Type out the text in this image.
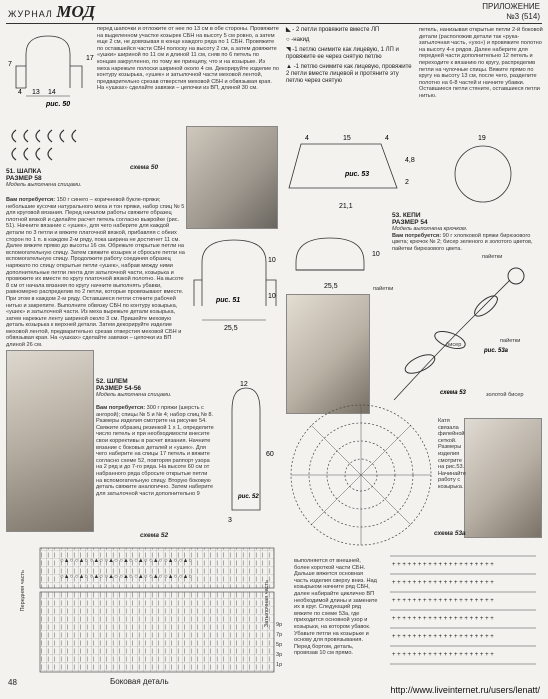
ЖУРНАЛ МОД	ПРИЛОЖЕНИЕ
№3 (514)
13 14
4
17
7
рис. 50
перед шапочки и отложите от нее по 13 см в обе стороны. Провяжите на выделенном участке козырек СБН на высоту 5 см ровно, а затем еще 2 см, не довязывая в конце каждого ряда по 1 СБН. Провяжите по оставшейся части СБН полоску на высоту 2 см, а затем довяжите «ушки» шириной по 11 см и длиной 11 см, сняв по 6 петель по концам закругленно, по тому же принципу, что и на козырьке. Из меха нарежьте полоски шириной около 4 см. Декорируйте изделие по контуру козырька, «ушек» и затылочной части меховой лентой, предварительно срезав отверстия меховой СБН и обвязывая края. На «ушках» сделайте завязки – цепочки из ВП, длиной 30 см.
◣ - 2 петли провяжите вместе ЛП
○ -накид
◥ -1 петлю снимите как лицевую, 1 ЛП и провяжите ее через снятую петлю
▲ -1 петлю снимите как лицевую, провяжите 2 петли вместе лицевой и протяните эту петлю через снятую
петель, нанизывая открытые петли 2-й боковой детали (расположив детали так «рука-затылочная часть, «ухо») и провяжите полотно на высоту 4-х рядов. Далее наберите для передней части дополнительно 12 петель и переходите к вязанию по кругу, распределив петли на чулочные спицы. Вяжите прямо по кругу на высоту 13 см, после чего, разделите полотно на 6-8 частей и начните убавки. Оставшиеся петли стяните, оставшиеся петли нитью.
схема 50
4	15	4
4,8
2
21,1
рис. 53
19
51. ШАПКА
РАЗМЕР 58
Модель выполнена спицами.
Вам потребуется: 150 г синего – коричневой букле-пряжи; небольшие кусочки натурального меха и тон пряжи, набор спиц № 5 для круговой вязания. Перед началом работы свяжите образец плотной вязкой и сделайте расчет петель согласно выкройке (рис. 51). Начните вязание с «ушек», для чего наберите для каждой детали по 3 петли и вяжите платочной вязкой, прибавляя с обеих сторон по 1 п. в каждом 2-м ряду, пока ширина не достигнет 11 см. Далее вяжите прямо до высоты 16 см. Обрежьте открытые петли на вспомогательную спицу. Затем свяжите козырек и сбросьте петли на вспомогательную спицу. Продолжите работу соединяя образец наряжато по спицу открытые петли «ушек», набрав между ними дополнительные петли лента для затылочной части, козырька и провяжите их вместе по кругу платочной вязкой полотно. На высоте 8 см от начала вязания по кругу начните выполнять убавки, равномерно распределив по 2 петли, которые провязывают вместе. При этом в каждом 2-м ряду. Оставшиеся петли стяните рабочей нитью и закрепите. Выполните обвязку СБН по контуру козырька, «ушек» и затылочной части. Из меха вырежьте детали козырька, затем нарежьте ленту шириной около 3 см. Пришейте меховую деталь козырька к верхней детали. Затем декорируйте изделие меховой лентой, предварительно срезав отверстия меховой СБН и обвязывая края. На «ушках» сделайте завязки – цепочки из ВП длиной 26 см.
25,5
10
10
рис. 51
53. КЕПИ
РАЗМЕР 54
Модель выполнена крючком.
Вам потребуется: 90 г хлопковой пряжи бирюзового цвета; крючок № 2; бисер зеленого и золотого цветов, пайетки бирюзового цвета.
10
25,5	пайетки
пайетки
рис. 53а
схема 53
бисер
пайетки
золотой бисер
52. ШЛЕМ
РАЗМЕР 54-56
Модель выполнена спицами.
Вам потребуется: 300 г пряжи (шерсть с ангорой); спицы № 5 и № 4; набор спиц № 8. Размеры изделия смотрите на рисунке 54. Свяжите образец резинкой 1 х 1, определите число петель и при необходимости внесите свои коррективы в расчет вязания. Начните вязание с боковых деталей и «ушек». Для чего наберите на спицы 17 петель и вяжите согласно схеме 52, повторяя раппорт узора на 2 ряд и до 7-го ряда. На высоте 60 см от набранного ряда сбросьте открытые петли на вспомогательную спицу. Вторую боковую деталь свяжите аналогично. Затем наберите для затылочной части дополнительно 9
12
60
3
рис. 52
Катя связала филейной сеткой. Размеры изделия смотрите на рис.53. Начинайте работу с козырька.
схема 53а
схема 52
○▲○ ○▲○ ○▲○ ○▲○ ○▲○ ○▲○ ○▲○ ○▲○ ○▲○
○▲○ ○▲○ ○▲○ ○▲○ ○▲○ ○▲○ ○▲○ ○▲○ ○▲○
Передняя часть	Затылочная часть 9р
7р
5р
3р
1р
Боковая деталь
выполняется от внешней, более короткой части СБН. Дальше вяжется основная часть изделия сверху вниз. Над козырьком начните ряд СБН, далее набирайте циклично ВП необходимой длины и замените их в круг. Следующий ряд вяжите по схеме 53а, где приходится основной узор и козырьки, на котором убавок. Убавьте петли на козырьке и основу для провязывания. Перед бортом, деталь, провязав 10 см прямо.
+ + + + + + + + + + + + + + + + + + + +
+ + + + + + + + + + + + + + + + + + + +
+ + + + + + + + + + + + + + + + + + + +
+ + + + + + + + + + + + + + + + + + + +
+ + + + + + + + + + + + + + + + + + + +
+ + + + + + + + + + + + + + + + + + + +
48
http://www.liveinternet.ru/users/lenatt/
